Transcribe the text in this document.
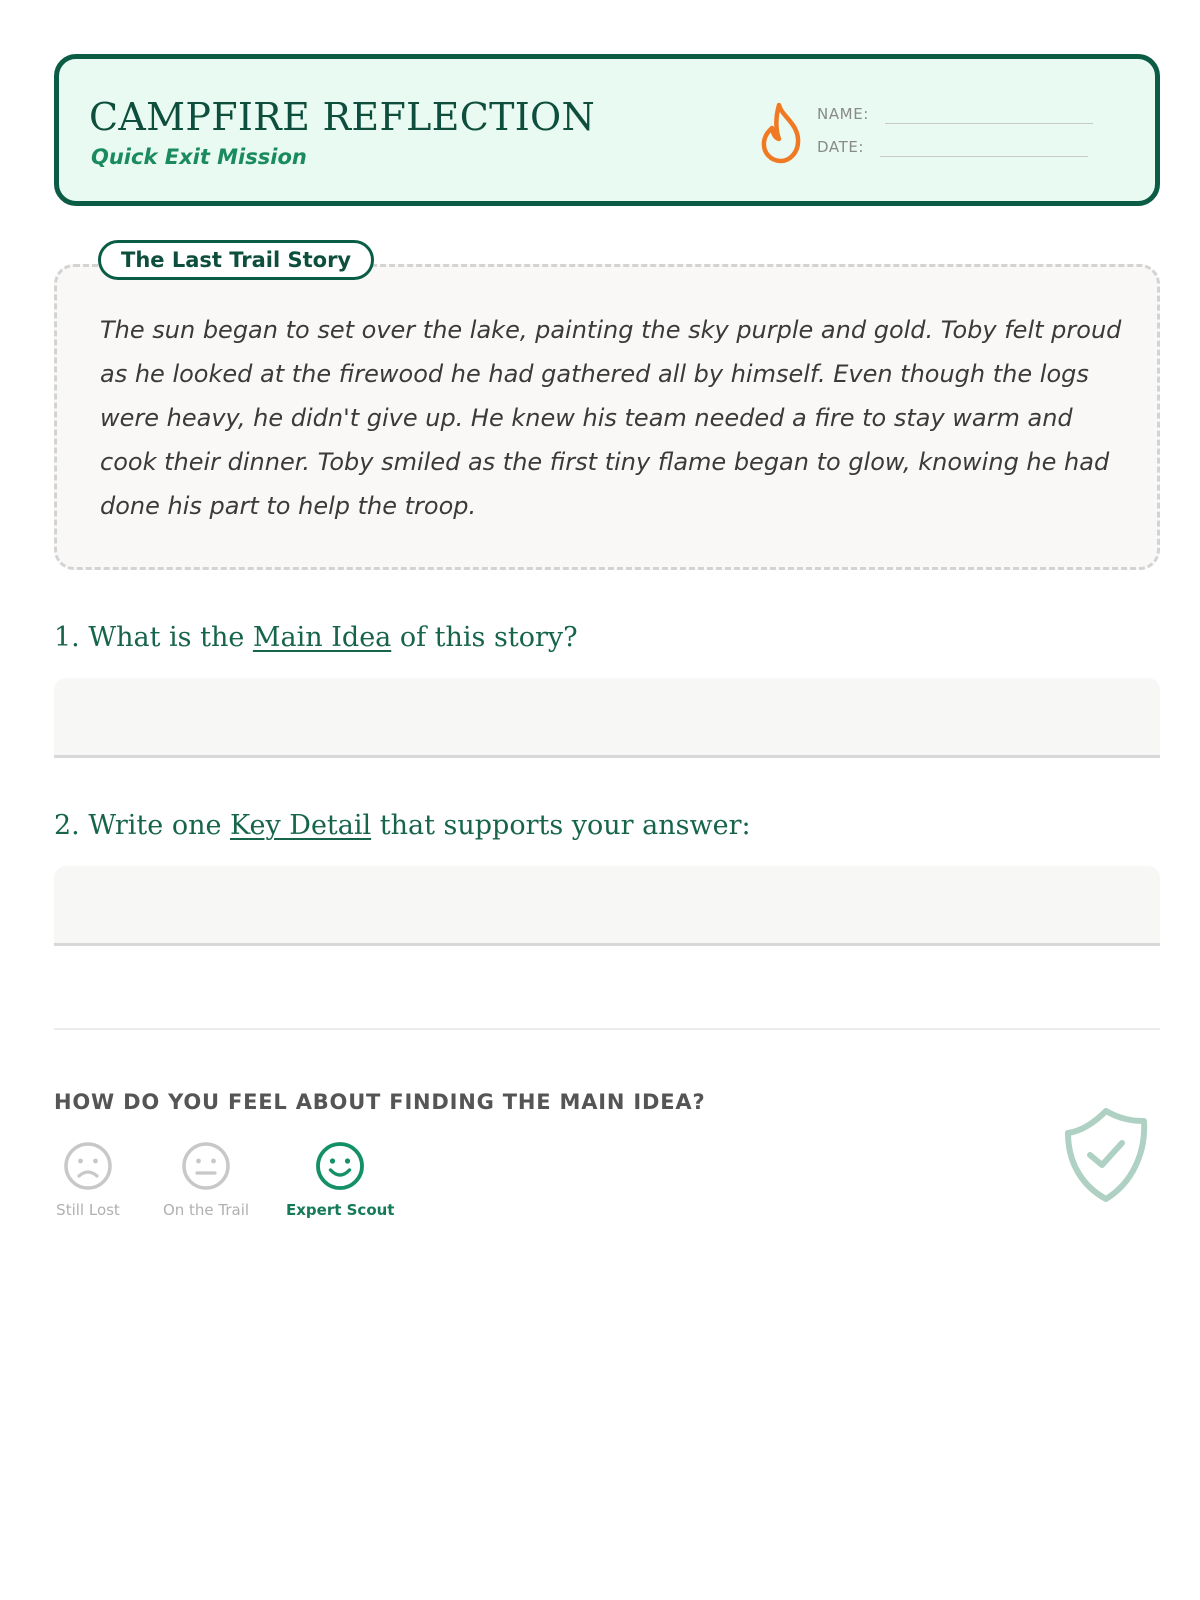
CAMPFIRE REFLECTION
Quick Exit Mission
NAME:
DATE:
The Last Trail Story
The sun began to set over the lake, painting the sky purple and gold. Toby felt proud as he looked at the firewood he had gathered all by himself. Even though the logs were heavy, he didn't give up. He knew his team needed a fire to stay warm and cook their dinner. Toby smiled as the first tiny flame began to glow, knowing he had done his part to help the troop.
1. What is the Main Idea of this story?
2. Write one Key Detail that supports your answer:
HOW DO YOU FEEL ABOUT FINDING THE MAIN IDEA?
Still Lost	On the Trail Expert Scout
